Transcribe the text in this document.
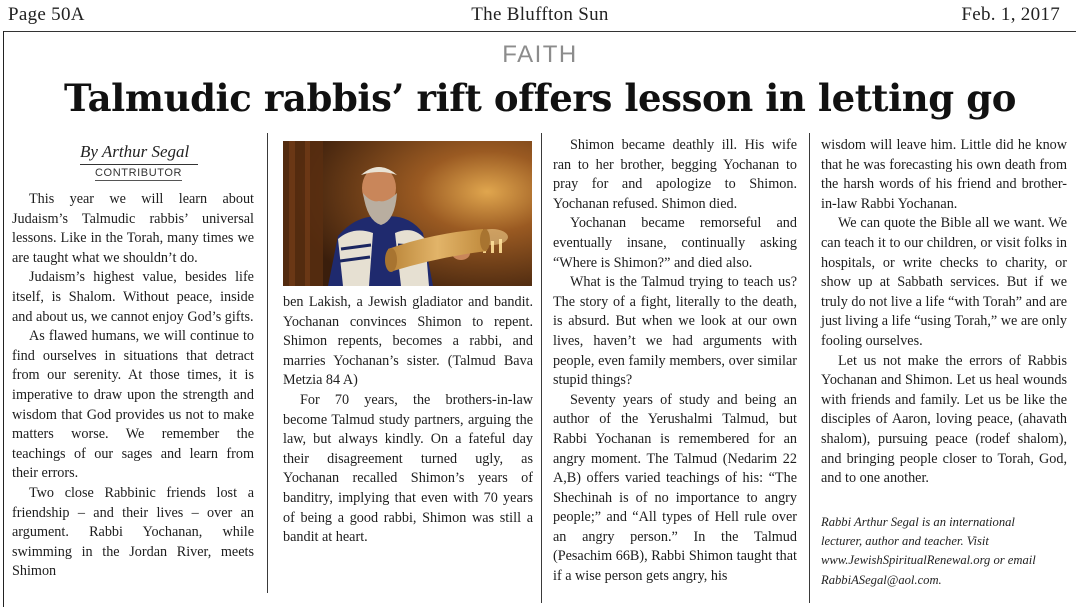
Page 50A	The Bluffton Sun	Feb. 1, 2017
FAITH
Talmudic rabbis’ rift offers lesson in letting go
By Arthur Segal
CONTRIBUTOR

This year we will learn about Judaism’s Talmudic rabbis’ universal lessons. Like in the Torah, many times we are taught what we shouldn’t do.

Judaism’s highest value, besides life itself, is Shalom. Without peace, inside and about us, we cannot enjoy God’s gifts.

As flawed humans, we will continue to find ourselves in situations that detract from our serenity. At those times, it is imperative to draw upon the strength and wisdom that God provides us not to make matters worse. We remember the teachings of our sages and learn from their errors.

Two close Rabbinic friends lost a friendship – and their lives – over an argument. Rabbi Yochanan, while swimming in the Jordan River, meets Shimon

ben Lakish, a Jewish gladiator and bandit. Yochanan convinces Shimon to repent. Shimon repents, becomes a rabbi, and marries Yochanan’s sister. (Talmud Bava Metzia 84 A)

For 70 years, the brothers-in-law become Talmud study partners, arguing the law, but always kindly. On a fateful day their disagreement turned ugly, as Yochanan recalled Shimon’s years of banditry, implying that even with 70 years of being a good rabbi, Shimon was still a bandit at heart.

Shimon became deathly ill. His wife ran to her brother, begging Yochanan to pray for and apologize to Shimon. Yochanan refused. Shimon died.

Yochanan became remorseful and eventually insane, continually asking “Where is Shimon?” and died also.

What is the Talmud trying to teach us? The story of a fight, literally to the death, is absurd. But when we look at our own lives, haven’t we had arguments with people, even family members, over similar stupid things?

Seventy years of study and being an author of the Yerushalmi Talmud, but Rabbi Yochanan is remembered for an angry moment. The Talmud (Nedarim 22 A,B) offers varied teachings of his: “The Shechinah is of no importance to angry people;” and “All types of Hell rule over an angry person.” In the Talmud (Pesachim 66B), Rabbi Shimon taught that if a wise person gets angry, his

wisdom will leave him. Little did he know that he was forecasting his own death from the harsh words of his friend and brother-in-law Rabbi Yochanan.

We can quote the Bible all we want. We can teach it to our children, or visit folks in hospitals, or write checks to charity, or show up at Sabbath services. But if we truly do not live a life “with Torah” and are just living a life “using Torah,” we are only fooling ourselves.

Let us not make the errors of Rabbis Yochanan and Shimon. Let us heal wounds with friends and family. Let us be like the disciples of Aaron, loving peace, (ahavath shalom), pursuing peace (rodef shalom), and bringing people closer to Torah, God, and to one another.

Rabbi Arthur Segal is an international
lecturer, author and teacher. Visit
www.JewishSpiritualRenewal.org or email
RabbiASegal@aol.com.
